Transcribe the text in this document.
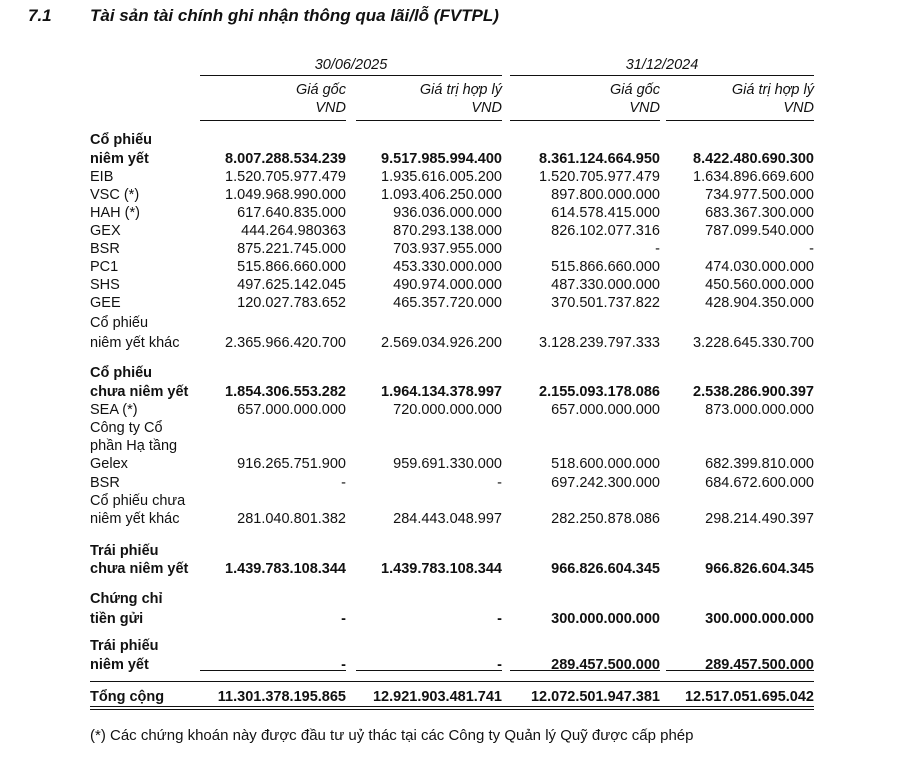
7.1 Tài sản tài chính ghi nhận thông qua lãi/lỗ (FVTPL)
30/06/2025	31/12/2024
Giá gốc
VND
Giá trị hợp lý
VND
Giá gốc
VND
Giá trị hợp lý
VND
Cổ phiếu
niêm yết	8.007.288.534.239	9.517.985.994.400	8.361.124.664.950	8.422.480.690.300
EIB	1.520.705.977.479	1.935.616.005.200	1.520.705.977.479	1.634.896.669.600
VSC (*)	1.049.968.990.000	1.093.406.250.000	897.800.000.000	734.977.500.000
HAH (*)	617.640.835.000	936.036.000.000	614.578.415.000	683.367.300.000
GEX	444.264.980363	870.293.138.000	826.102.077.316	787.099.540.000
BSR	875.221.745.000	703.937.955.000	-	-
PC1	515.866.660.000	453.330.000.000	515.866.660.000	474.030.000.000
SHS	497.625.142.045	490.974.000.000	487.330.000.000	450.560.000.000
GEE	120.027.783.652	465.357.720.000	370.501.737.822	428.904.350.000
Cổ phiếu
niêm yết khác	2.365.966.420.700	2.569.034.926.200	3.128.239.797.333	3.228.645.330.700
Cổ phiếu
chưa niêm yết	1.854.306.553.282	1.964.134.378.997	2.155.093.178.086	2.538.286.900.397
SEA (*)	657.000.000.000	720.000.000.000	657.000.000.000	873.000.000.000
Công ty Cổ
phần Hạ tầng
Gelex	916.265.751.900	959.691.330.000	518.600.000.000	682.399.810.000
BSR	-	-	697.242.300.000	684.672.600.000
Cổ phiếu chưa
niêm yết khác	281.040.801.382	284.443.048.997	282.250.878.086	298.214.490.397
Trái phiếu
chưa niêm yết	1.439.783.108.344	1.439.783.108.344	966.826.604.345	966.826.604.345
Chứng chỉ
tiền gửi	-	-	300.000.000.000	300.000.000.000
Trái phiếu
niêm yết	-	-	289.457.500.000	289.457.500.000
Tổng cộng	11.301.378.195.865	12.921.903.481.741	12.072.501.947.381	12.517.051.695.042
(*) Các chứng khoán này được đầu tư uỷ thác tại các Công ty Quản lý Quỹ được cấp phép
